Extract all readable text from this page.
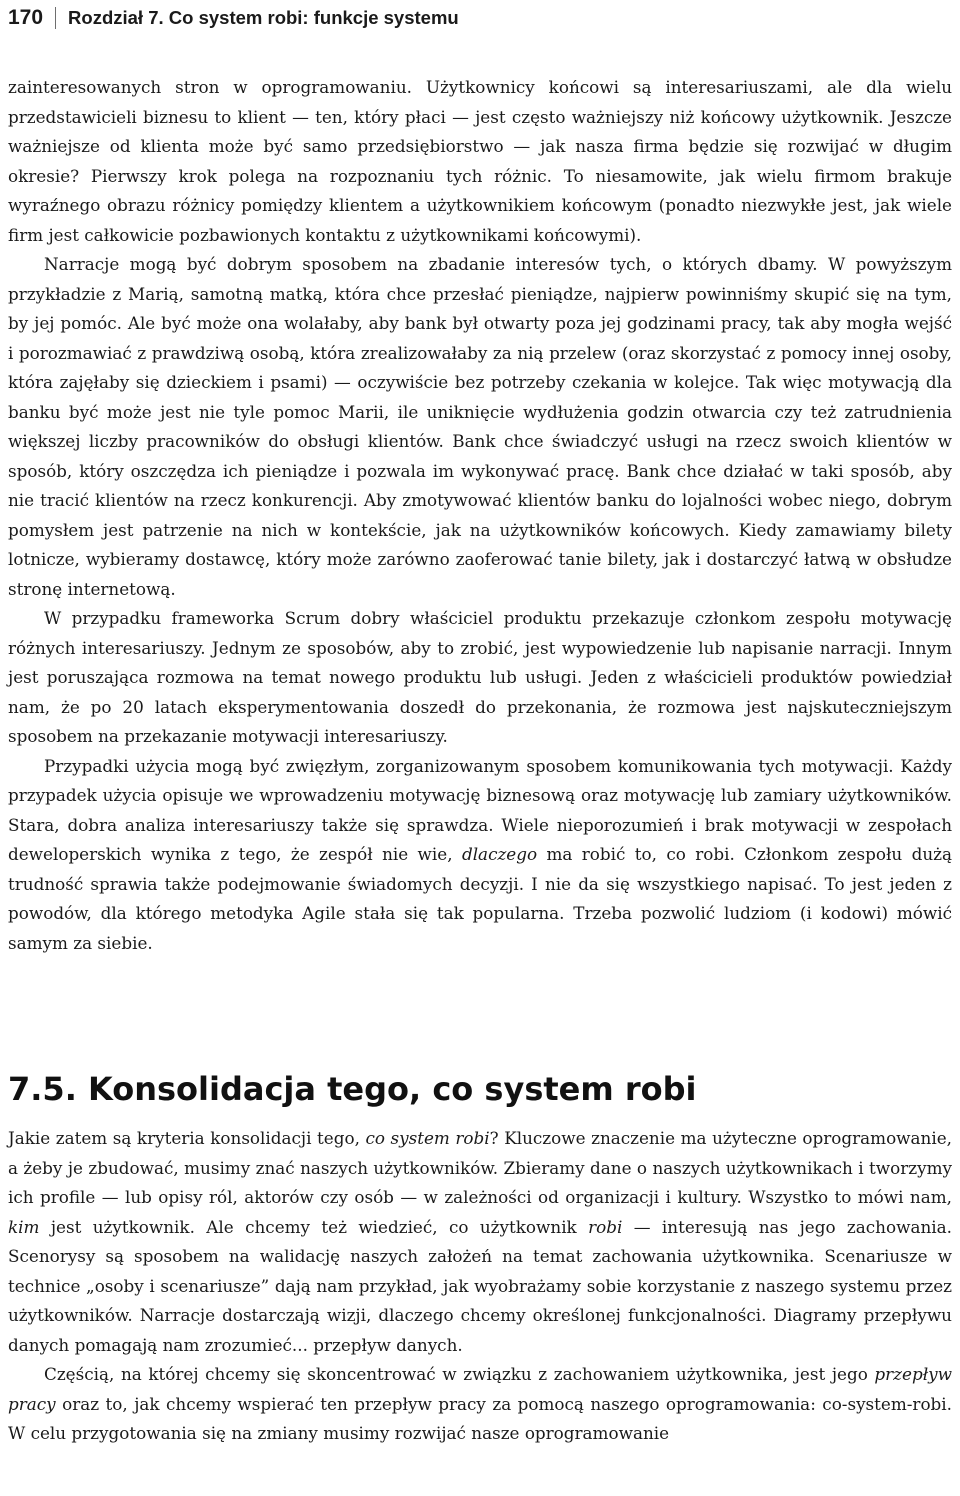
170	Rozdział 7. Co system robi: funkcje systemu

zainteresowanych stron w oprogramowaniu. Użytkownicy końcowi są interesariuszami, ale dla wielu przedstawicieli biznesu to klient — ten, który płaci — jest często ważniejszy niż końcowy użytkownik. Jeszcze ważniejsze od klienta może być samo przedsiębiorstwo — jak nasza firma będzie się rozwijać w długim okresie? Pierwszy krok polega na rozpoznaniu tych różnic. To niesamowite, jak wielu firmom brakuje wyraźnego obrazu różnicy pomiędzy klientem a użytkownikiem końcowym (ponadto niezwykłe jest, jak wiele firm jest całkowicie pozbawionych kontaktu z użytkownikami końcowymi).

Narracje mogą być dobrym sposobem na zbadanie interesów tych, o których dbamy. W powyższym przykładzie z Marią, samotną matką, która chce przesłać pieniądze, najpierw powinniśmy skupić się na tym, by jej pomóc. Ale być może ona wolałaby, aby bank był otwarty poza jej godzinami pracy, tak aby mogła wejść i porozmawiać z prawdziwą osobą, która zrealizowałaby za nią przelew (oraz skorzystać z pomocy innej osoby, która zajęłaby się dzieckiem i psami) — oczywiście bez potrzeby czekania w kolejce. Tak więc motywacją dla banku być może jest nie tyle pomoc Marii, ile uniknięcie wydłużenia godzin otwarcia czy też zatrudnienia większej liczby pracowników do obsługi klientów. Bank chce świadczyć usługi na rzecz swoich klientów w sposób, który oszczędza ich pieniądze i pozwala im wykonywać pracę. Bank chce działać w taki sposób, aby nie tracić klientów na rzecz konkurencji. Aby zmotywować klientów banku do lojalności wobec niego, dobrym pomysłem jest patrzenie na nich w kontekście, jak na użytkowników końcowych. Kiedy zamawiamy bilety lotnicze, wybieramy dostawcę, który może zarówno zaoferować tanie bilety, jak i dostarczyć łatwą w obsłudze stronę internetową.

W przypadku frameworka Scrum dobry właściciel produktu przekazuje członkom zespołu motywację różnych interesariuszy. Jednym ze sposobów, aby to zrobić, jest wypowiedzenie lub napisanie narracji. Innym jest poruszająca rozmowa na temat nowego produktu lub usługi. Jeden z właścicieli produktów powiedział nam, że po 20 latach eksperymentowania doszedł do przekonania, że rozmowa jest najskuteczniejszym sposobem na przekazanie motywacji interesariuszy.

Przypadki użycia mogą być zwięzłym, zorganizowanym sposobem komunikowania tych motywacji. Każdy przypadek użycia opisuje we wprowadzeniu motywację biznesową oraz motywację lub zamiary użytkowników. Stara, dobra analiza interesariuszy także się sprawdza. Wiele nieporozumień i brak motywacji w zespołach deweloperskich wynika z tego, że zespół nie wie, dlaczego ma robić to, co robi. Członkom zespołu dużą trudność sprawia także podejmowanie świadomych decyzji. I nie da się wszystkiego napisać. To jest jeden z powodów, dla którego metodyka Agile stała się tak popularna. Trzeba pozwolić ludziom (i kodowi) mówić samym za siebie.

7.5. Konsolidacja tego, co system robi

Jakie zatem są kryteria konsolidacji tego, co system robi? Kluczowe znaczenie ma użyteczne oprogramowanie, a żeby je zbudować, musimy znać naszych użytkowników. Zbieramy dane o naszych użytkownikach i tworzymy ich profile — lub opisy ról, aktorów czy osób — w zależności od organizacji i kultury. Wszystko to mówi nam, kim jest użytkownik. Ale chcemy też wiedzieć, co użytkownik robi — interesują nas jego zachowania. Scenorysy są sposobem na walidację naszych założeń na temat zachowania użytkownika. Scenariusze w technice „osoby i scenariusze” dają nam przykład, jak wyobrażamy sobie korzystanie z naszego systemu przez użytkowników. Narracje dostarczają wizji, dlaczego chcemy określonej funkcjonalności. Diagramy przepływu danych pomagają nam zrozumieć... przepływ danych.

Częścią, na której chcemy się skoncentrować w związku z zachowaniem użytkownika, jest jego przepływ pracy oraz to, jak chcemy wspierać ten przepływ pracy za pomocą naszego oprogramowania: co-system-robi. W celu przygotowania się na zmiany musimy rozwijać nasze oprogramowanie
